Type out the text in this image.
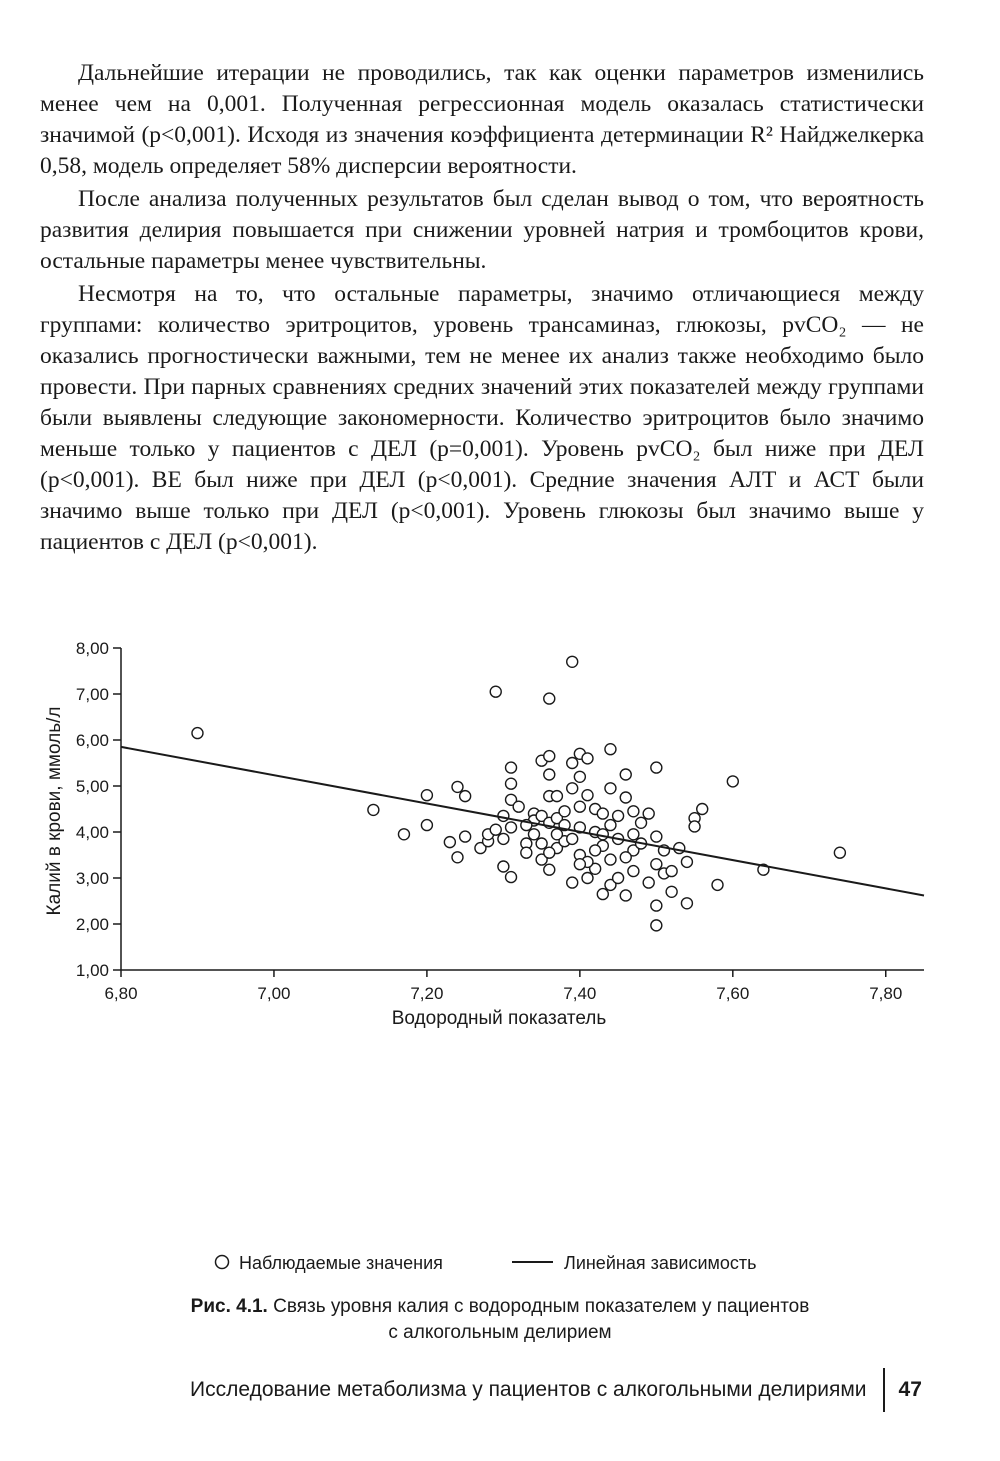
Дальнейшие итерации не проводились, так как оценки параметров изменились менее чем на 0,001. Полученная регрессионная модель оказалась статистически значимой (p<0,001). Исходя из значения коэффициента детерминации R² Найджелкерка 0,58, модель определяет 58% дисперсии вероятности.

После анализа полученных результатов был сделан вывод о том, что вероятность развития делирия повышается при снижении уровней натрия и тромбоцитов крови, остальные параметры менее чувствительны.

Несмотря на то, что остальные параметры, значимо отличающиеся между группами: количество эритроцитов, уровень трансаминаз, глюкозы, pvCO₂ — не оказались прогностически важными, тем не менее их анализ также необходимо было провести. При парных сравнениях средних значений этих показателей между группами были выявлены следующие закономерности. Количество эритроцитов было значимо меньше только у пациентов с ДЕЛ (p=0,001). Уровень pvCO₂ был ниже при ДЕЛ (p<0,001). BE был ниже при ДЕЛ (p<0,001). Средние значения АЛТ и АСТ были значимо выше только при ДЕЛ (p<0,001). Уровень глюкозы был значимо выше у пациентов с ДЕЛ (p<0,001).

1,00
2,00
3,00
4,00
5,00
6,00
7,00
8,00
6,80	7,00	7,20	7,40	7,60	7,80
Водородный показатель
Калий в крови, ммоль/л
Наблюдаемые значения	Линейная зависимость
Рис. 4.1. Связь уровня калия с водородным показателем у пациентов
с алкогольным делирием
Исследование метаболизма у пациентов с алкогольными делириями 47
